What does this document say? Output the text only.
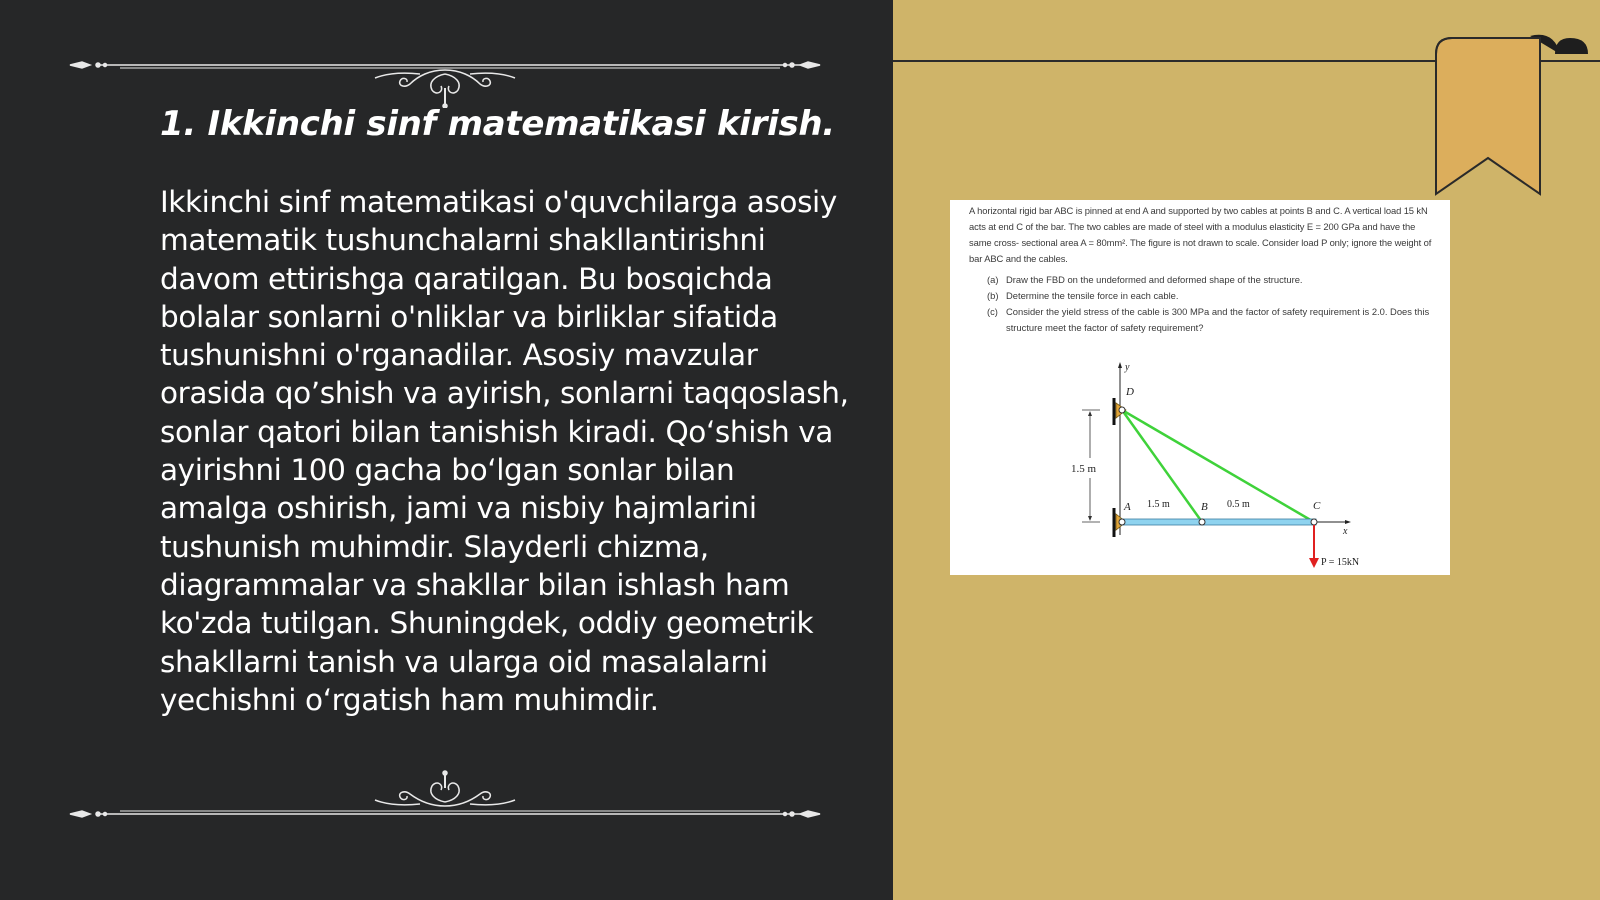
1. Ikkinchi sinf matematikasi kirish.

Ikkinchi sinf matematikasi o'quvchilarga asosiy matematik tushunchalarni shakllantirishni davom ettirishga qaratilgan. Bu bosqichda bolalar sonlarni o'nliklar va birliklar sifatida tushunishni o'rganadilar. Asosiy mavzular orasida qo’shish va ayirish, sonlarni taqqoslash, sonlar qatori bilan tanishish kiradi. Qo‘shish va ayirishni 100 gacha bo‘lgan sonlar bilan amalga oshirish, jami va nisbiy hajmlarini tushunish muhimdir. Slayderli chizma, diagrammalar va shakllar bilan ishlash ham ko'zda tutilgan. Shuningdek, oddiy geometrik shakllarni tanish va ularga oid masalalarni yechishni o‘rgatish ham muhimdir.

A horizontal rigid bar ABC is pinned at end A and supported by two cables at points B and C. A vertical load 15 kN acts at end C of the bar. The two cables are made of steel with a modulus elasticity E = 200 GPa and have the same cross- sectional area A = 80mm². The figure is not drawn to scale. Consider load P only; ignore the weight of bar ABC and the cables.

(a) Draw the FBD on the undeformed and deformed shape of the structure.
(b) Determine the tensile force in each cable.
(c) Consider the yield stress of the cable is 300 MPa and the factor of safety requirement is 2.0. Does this structure meet the factor of safety requirement?
y
x
D
A	B	C
1.5 m
1.5 m	0.5 m
P = 15kN
